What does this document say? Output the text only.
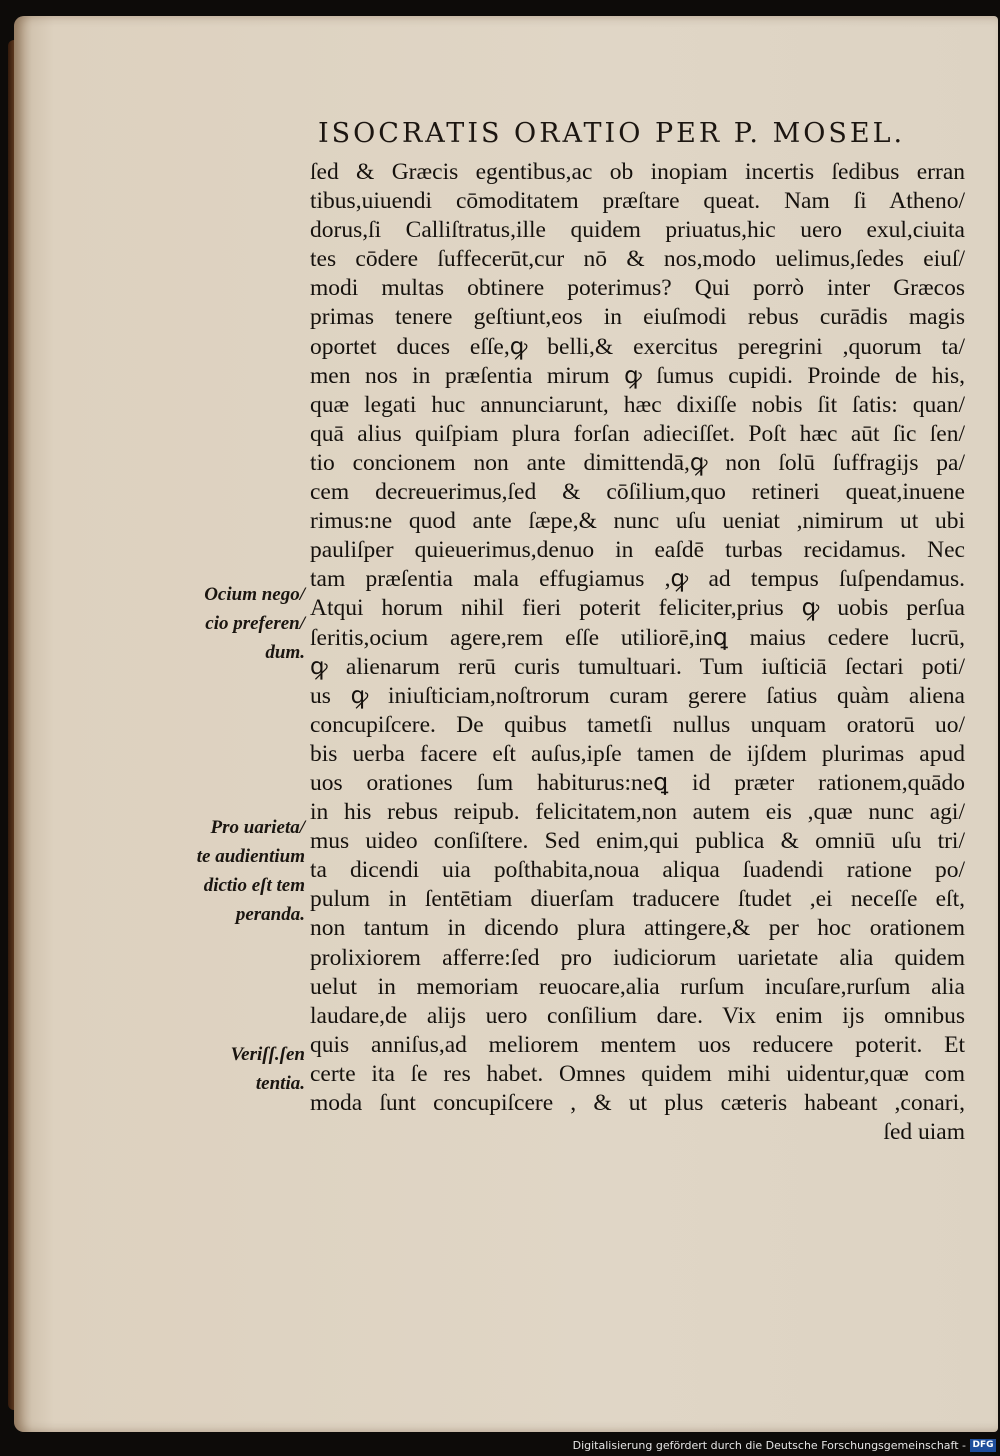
ISOCRATIS ORATIO PER P. MOSEL.
ſed & Græcis egentibus,ac ob inopiam incertis ſedibus erran
tibus,uiuendi cōmoditatem præſtare queat. Nam ſi Atheno/
dorus,ſi Calliſtratus,ille quidem priuatus,hic uero exul,ciuita
tes cōdere ſuffecerūt,cur nō & nos,modo uelimus,ſedes eiuſ/
modi multas obtinere poterimus? Qui porrò inter Græcos
primas tenere geſtiunt,eos in eiuſmodi rebus curādis magis
oportet duces eſſe,ꝙ belli,& exercitus peregrini ,quorum ta/
men nos in præſentia mirum ꝙ ſumus cupidi. Proinde de his,
quæ legati huc annunciarunt, hæc dixiſſe nobis ſit ſatis: quan/
quā alius quiſpiam plura forſan adieciſſet. Poſt hæc aūt ſic ſen/
tio concionem non ante dimittendā,ꝙ non ſolū ſuffragijs pa/
cem decreuerimus,ſed & cōſilium,quo retineri queat,inuene
rimus:ne quod ante ſæpe,& nunc uſu ueniat ,nimirum ut ubi
pauliſper quieuerimus,denuo in eaſdē turbas recidamus. Nec
tam præſentia mala effugiamus ,ꝙ ad tempus ſuſpendamus.
Atqui horum nihil fieri poterit feliciter,prius ꝙ uobis perſua
ſeritis,ocium agere,rem eſſe utiliorē,inꝗ maius cedere lucrū,
ꝙ alienarum rerū curis tumultuari. Tum iuſticiā ſectari poti/
us ꝙ iniuſticiam,noſtrorum curam gerere ſatius quàm aliena
concupiſcere. De quibus tametſi nullus unquam oratorū uo/
bis uerba facere eſt auſus,ipſe tamen de ijſdem plurimas apud
uos orationes ſum habiturus:neꝗ id præter rationem,quādo
in his rebus reipub. felicitatem,non autem eis ,quæ nunc agi/
mus uideo conſiſtere. Sed enim,qui publica & omniū uſu tri/
ta dicendi uia poſthabita,noua aliqua ſuadendi ratione po/
pulum in ſentētiam diuerſam traducere ſtudet ,ei neceſſe eſt,
non tantum in dicendo plura attingere,& per hoc orationem
prolixiorem afferre:ſed pro iudiciorum uarietate alia quidem
uelut in memoriam reuocare,alia rurſum incuſare,rurſum alia
laudare,de alijs uero conſilium dare. Vix enim ijs omnibus
quis anniſus,ad meliorem mentem uos reducere poterit. Et
certe ita ſe res habet. Omnes quidem mihi uidentur,quæ com
moda ſunt concupiſcere , & ut plus cæteris habeant ,conari,
ſed uiam
Ocium nego/
cio preferen/
dum.
Pro uarieta/
te audientium
dictio eſt tem
peranda.
Veriſſ.ſen
tentia.
Digitalisierung gefördert durch die Deutsche Forschungsgemeinschaft - DFG
